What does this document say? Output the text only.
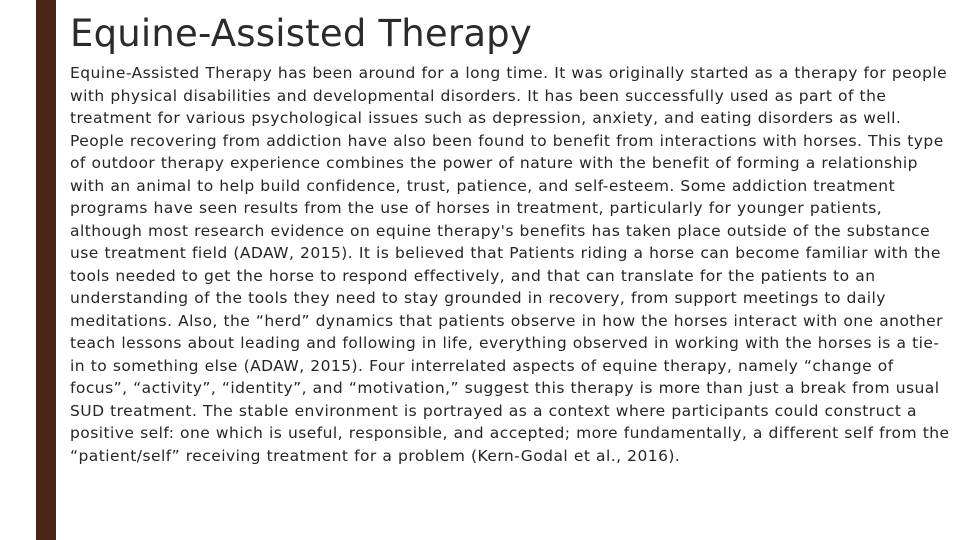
Equine-Assisted Therapy

Equine-Assisted Therapy has been around for a long time. It was originally started as a therapy for people with physical disabilities and developmental disorders. It has been successfully used as part of the treatment for various psychological issues such as depression, anxiety, and eating disorders as well. People recovering from addiction have also been found to benefit from interactions with horses. This type of outdoor therapy experience combines the power of nature with the benefit of forming a relationship with an animal to help build confidence, trust, patience, and self-esteem. Some addiction treatment programs have seen results from the use of horses in treatment, particularly for younger patients, although most research evidence on equine therapy's benefits has taken place outside of the substance use treatment field (ADAW, 2015). It is believed that Patients riding a horse can become familiar with the tools needed to get the horse to respond effectively, and that can translate for the patients to an understanding of the tools they need to stay grounded in recovery, from support meetings to daily meditations. Also, the “herd” dynamics that patients observe in how the horses interact with one another teach lessons about leading and following in life, everything observed in working with the horses is a tie-in to something else (ADAW, 2015). Four interrelated aspects of equine therapy, namely “change of focus”, “activity”, “identity”, and “motivation,” suggest this therapy is more than just a break from usual SUD treatment. The stable environment is portrayed as a context where participants could construct a positive self: one which is useful, responsible, and accepted; more fundamentally, a different self from the “patient/self” receiving treatment for a problem (Kern-Godal et al., 2016).
